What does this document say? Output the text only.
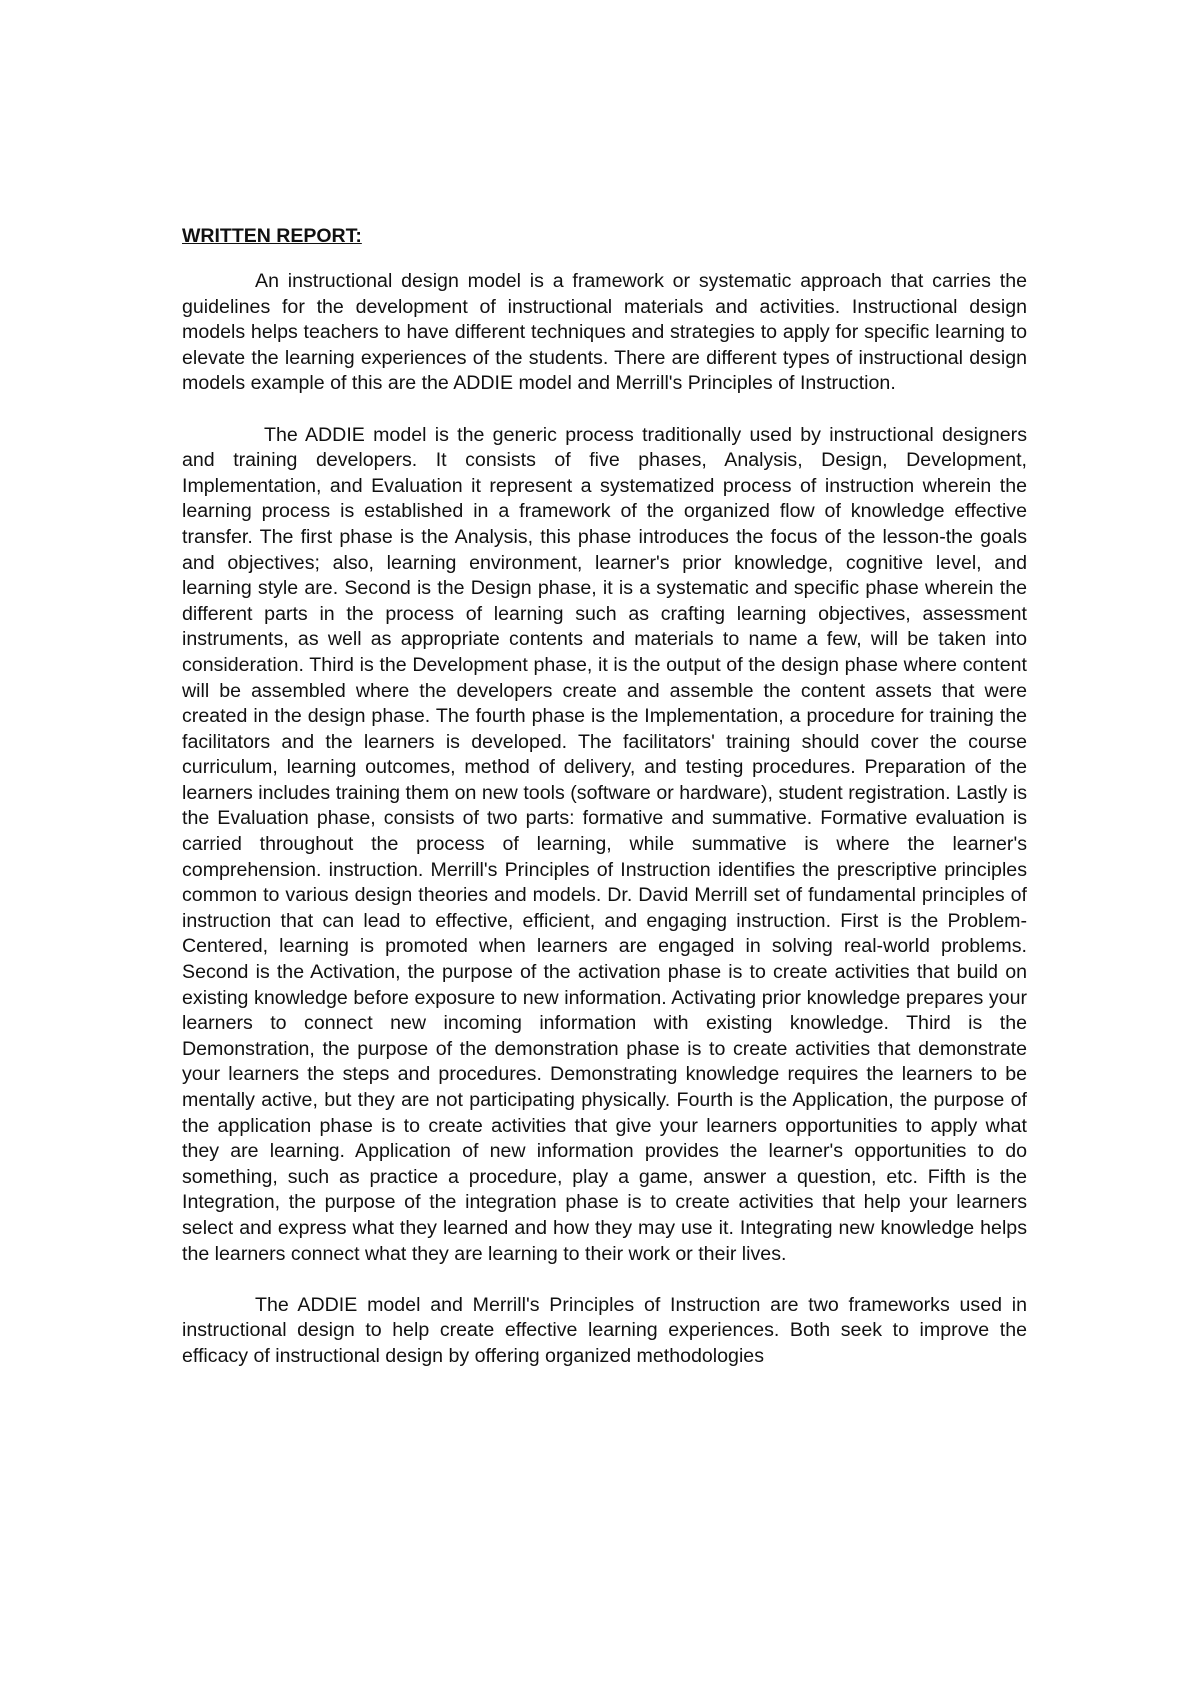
WRITTEN REPORT:

An instructional design model is a framework or systematic approach that carries the guidelines for the development of instructional materials and activities. Instructional design models helps teachers to have different techniques and strategies to apply for specific learning to elevate the learning experiences of the students. There are different types of instructional design models example of this are the ADDIE model and Merrill's Principles of Instruction.

The ADDIE model is the generic process traditionally used by instructional designers and training developers. It consists of five phases, Analysis, Design, Development, Implementation, and Evaluation it represent a systematized process of instruction wherein the learning process is established in a framework of the organized flow of knowledge effective transfer. The first phase is the Analysis, this phase introduces the focus of the lesson-the goals and objectives; also, learning environment, learner's prior knowledge, cognitive level, and learning style are. Second is the Design phase, it is a systematic and specific phase wherein the different parts in the process of learning such as crafting learning objectives, assessment instruments, as well as appropriate contents and materials to name a few, will be taken into consideration. Third is the Development phase, it is the output of the design phase where content will be assembled where the developers create and assemble the content assets that were created in the design phase. The fourth phase is the Implementation, a procedure for training the facilitators and the learners is developed. The facilitators' training should cover the course curriculum, learning outcomes, method of delivery, and testing procedures. Preparation of the learners includes training them on new tools (software or hardware), student registration. Lastly is the Evaluation phase, consists of two parts: formative and summative. Formative evaluation is carried throughout the process of learning, while summative is where the learner's comprehension. instruction. Merrill's Principles of Instruction identifies the prescriptive principles common to various design theories and models. Dr. David Merrill set of fundamental principles of instruction that can lead to effective, efficient, and engaging instruction. First is the Problem-Centered, learning is promoted when learners are engaged in solving real-world problems. Second is the Activation, the purpose of the activation phase is to create activities that build on existing knowledge before exposure to new information. Activating prior knowledge prepares your learners to connect new incoming information with existing knowledge. Third is the Demonstration, the purpose of the demonstration phase is to create activities that demonstrate your learners the steps and procedures. Demonstrating knowledge requires the learners to be mentally active, but they are not participating physically. Fourth is the Application, the purpose of the application phase is to create activities that give your learners opportunities to apply what they are learning. Application of new information provides the learner's opportunities to do something, such as practice a procedure, play a game, answer a question, etc. Fifth is the Integration, the purpose of the integration phase is to create activities that help your learners select and express what they learned and how they may use it. Integrating new knowledge helps the learners connect what they are learning to their work or their lives.

The ADDIE model and Merrill's Principles of Instruction are two frameworks used in instructional design to help create effective learning experiences. Both seek to improve the efficacy of instructional design by offering organized methodologies
